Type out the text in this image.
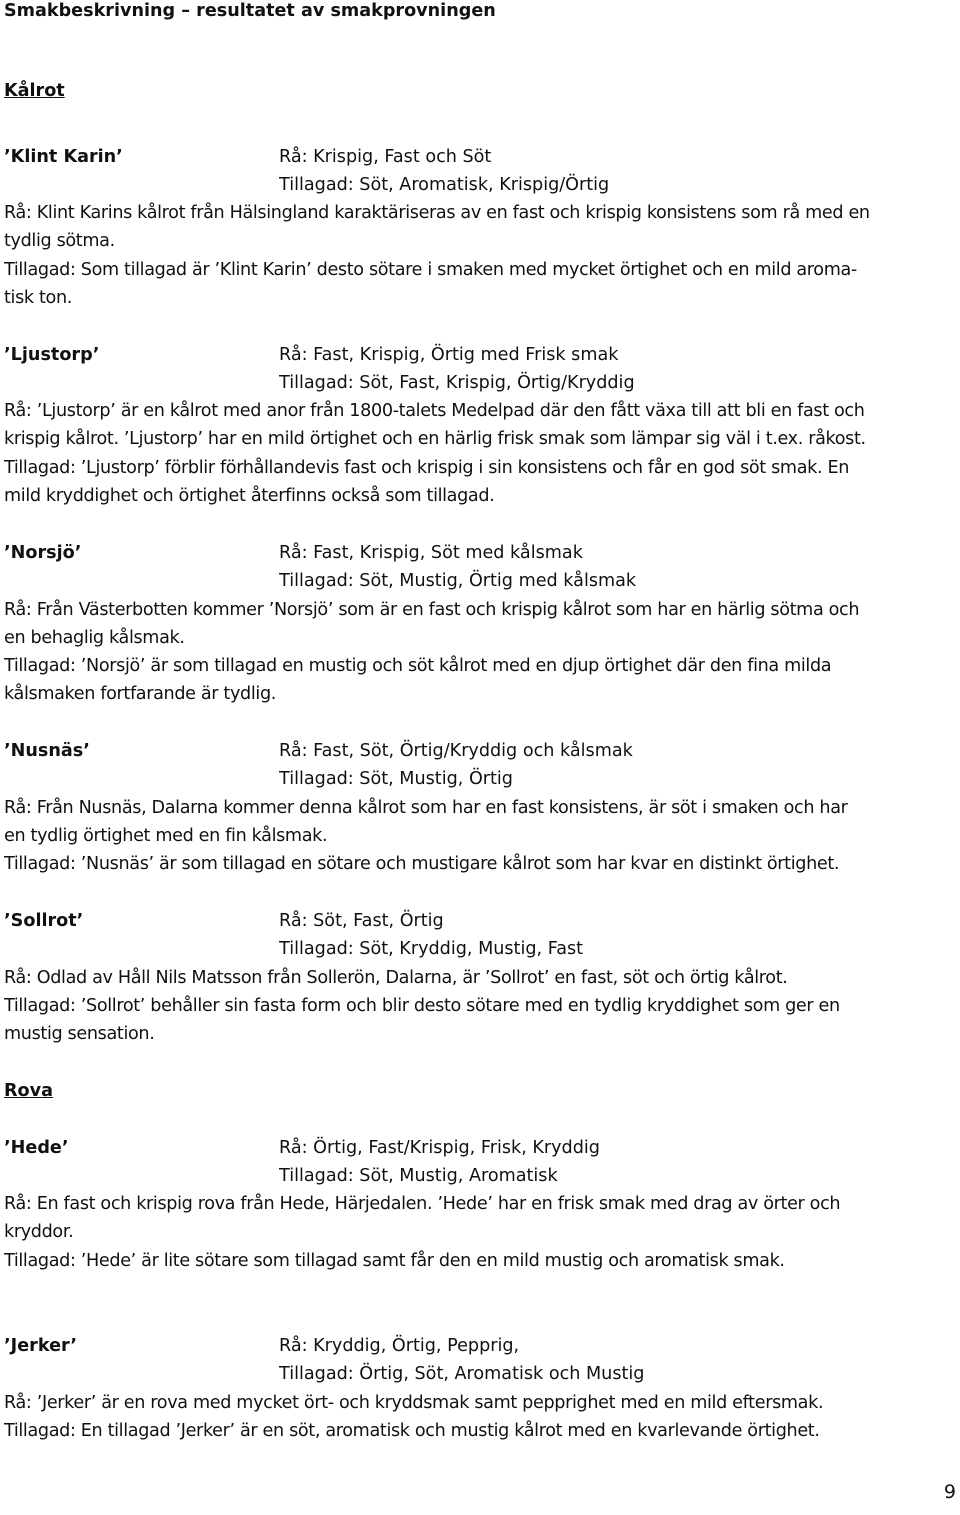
Smakbeskrivning – resultatet av smakprovningen
Kålrot
’Klint Karin’	Rå: Krispig, Fast och Söt
Tillagad: Söt, Aromatisk, Krispig/Örtig
Rå: Klint Karins kålrot från Hälsingland karaktäriseras av en fast och krispig konsistens som rå med en
tydlig sötma.
Tillagad: Som tillagad är ’Klint Karin’ desto sötare i smaken med mycket örtighet och en mild aroma-
tisk ton.
’Ljustorp’	Rå: Fast, Krispig, Örtig med Frisk smak
Tillagad: Söt, Fast, Krispig, Örtig/Kryddig
Rå: ’Ljustorp’ är en kålrot med anor från 1800-talets Medelpad där den fått växa till att bli en fast och
krispig kålrot. ’Ljustorp’ har en mild örtighet och en härlig frisk smak som lämpar sig väl i t.ex. råkost.
Tillagad: ’Ljustorp’ förblir förhållandevis fast och krispig i sin konsistens och får en god söt smak. En
mild kryddighet och örtighet återfinns också som tillagad.
’Norsjö’	Rå: Fast, Krispig, Söt med kålsmak
Tillagad: Söt, Mustig, Örtig med kålsmak
Rå: Från Västerbotten kommer ’Norsjö’ som är en fast och krispig kålrot som har en härlig sötma och
en behaglig kålsmak.
Tillagad: ’Norsjö’ är som tillagad en mustig och söt kålrot med en djup örtighet där den fina milda
kålsmaken fortfarande är tydlig.
’Nusnäs’	Rå: Fast, Söt, Örtig/Kryddig och kålsmak
Tillagad: Söt, Mustig, Örtig
Rå: Från Nusnäs, Dalarna kommer denna kålrot som har en fast konsistens, är söt i smaken och har
en tydlig örtighet med en fin kålsmak.
Tillagad: ’Nusnäs’ är som tillagad en sötare och mustigare kålrot som har kvar en distinkt örtighet.
’Sollrot’	Rå: Söt, Fast, Örtig
Tillagad: Söt, Kryddig, Mustig, Fast
Rå: Odlad av Håll Nils Matsson från Sollerön, Dalarna, är ’Sollrot’ en fast, söt och örtig kålrot.
Tillagad: ’Sollrot’ behåller sin fasta form och blir desto sötare med en tydlig kryddighet som ger en
mustig sensation.
Rova
’Hede’	Rå: Örtig, Fast/Krispig, Frisk, Kryddig
Tillagad: Söt, Mustig, Aromatisk
Rå: En fast och krispig rova från Hede, Härjedalen. ’Hede’ har en frisk smak med drag av örter och
kryddor.
Tillagad: ’Hede’ är lite sötare som tillagad samt får den en mild mustig och aromatisk smak.
’Jerker’	Rå: Kryddig, Örtig, Pepprig,
Tillagad: Örtig, Söt, Aromatisk och Mustig
Rå: ’Jerker’ är en rova med mycket ört- och kryddsmak samt pepprighet med en mild eftersmak.
Tillagad: En tillagad ’Jerker’ är en söt, aromatisk och mustig kålrot med en kvarlevande örtighet.
9
